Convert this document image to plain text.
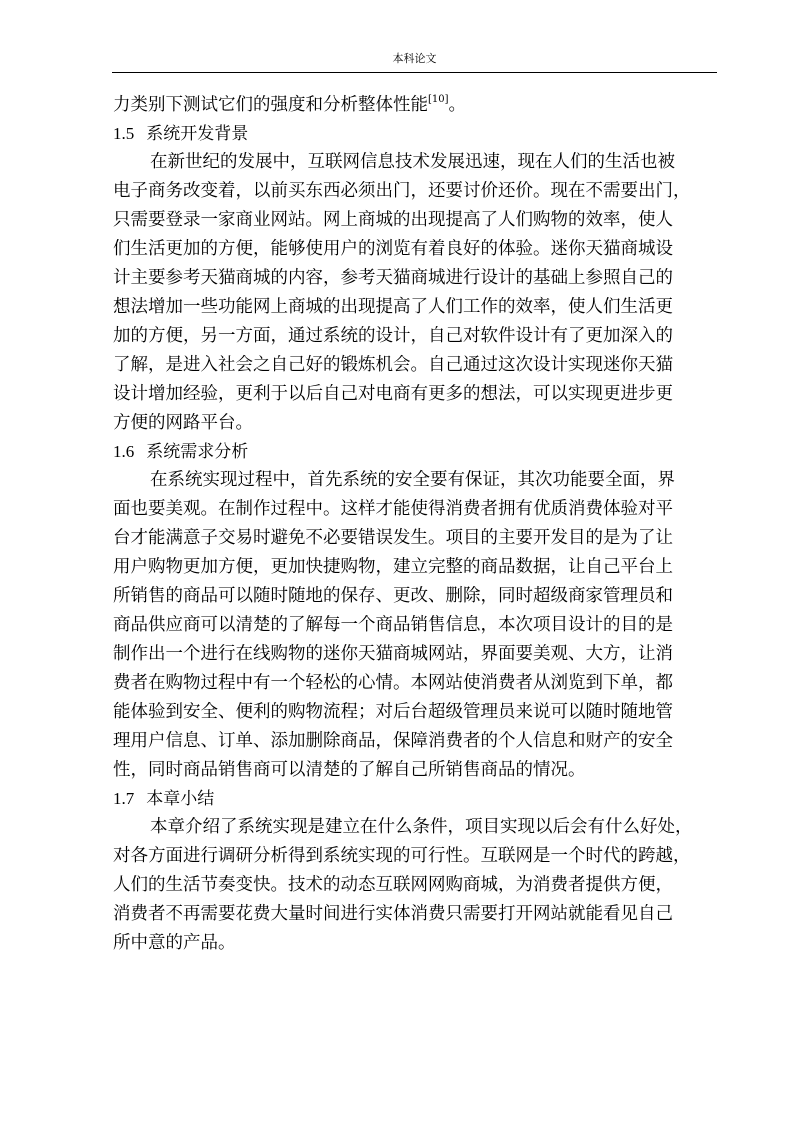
本科论文
力类别下测试它们的强度和分析整体性能[10]。
1.5 系统开发背景
在新世纪的发展中，互联网信息技术发展迅速，现在人们的生活也被
电子商务改变着，以前买东西必须出门，还要讨价还价。现在不需要出门，
只需要登录一家商业网站。网上商城的出现提高了人们购物的效率，使人
们生活更加的方便，能够使用户的浏览有着良好的体验。迷你天猫商城设
计主要参考天猫商城的内容，参考天猫商城进行设计的基础上参照自己的
想法增加一些功能网上商城的出现提高了人们工作的效率，使人们生活更
加的方便，另一方面，通过系统的设计，自己对软件设计有了更加深入的
了解，是进入社会之自己好的锻炼机会。自己通过这次设计实现迷你天猫
设计增加经验，更利于以后自己对电商有更多的想法，可以实现更进步更
方便的网路平台。
1.6 系统需求分析
在系统实现过程中，首先系统的安全要有保证，其次功能要全面，界
面也要美观。在制作过程中。这样才能使得消费者拥有优质消费体验对平
台才能满意子交易时避免不必要错误发生。项目的主要开发目的是为了让
用户购物更加方便，更加快捷购物，建立完整的商品数据，让自己平台上
所销售的商品可以随时随地的保存、更改、删除，同时超级商家管理员和
商品供应商可以清楚的了解每一个商品销售信息，本次项目设计的目的是
制作出一个进行在线购物的迷你天猫商城网站，界面要美观、大方，让消
费者在购物过程中有一个轻松的心情。本网站使消费者从浏览到下单，都
能体验到安全、便利的购物流程；对后台超级管理员来说可以随时随地管
理用户信息、订单、添加删除商品，保障消费者的个人信息和财产的安全
性，同时商品销售商可以清楚的了解自己所销售商品的情况。
1.7 本章小结
本章介绍了系统实现是建立在什么条件，项目实现以后会有什么好处，
对各方面进行调研分析得到系统实现的可行性。互联网是一个时代的跨越，
人们的生活节奏变快。技术的动态互联网网购商城，为消费者提供方便，
消费者不再需要花费大量时间进行实体消费只需要打开网站就能看见自己
所中意的产品。
